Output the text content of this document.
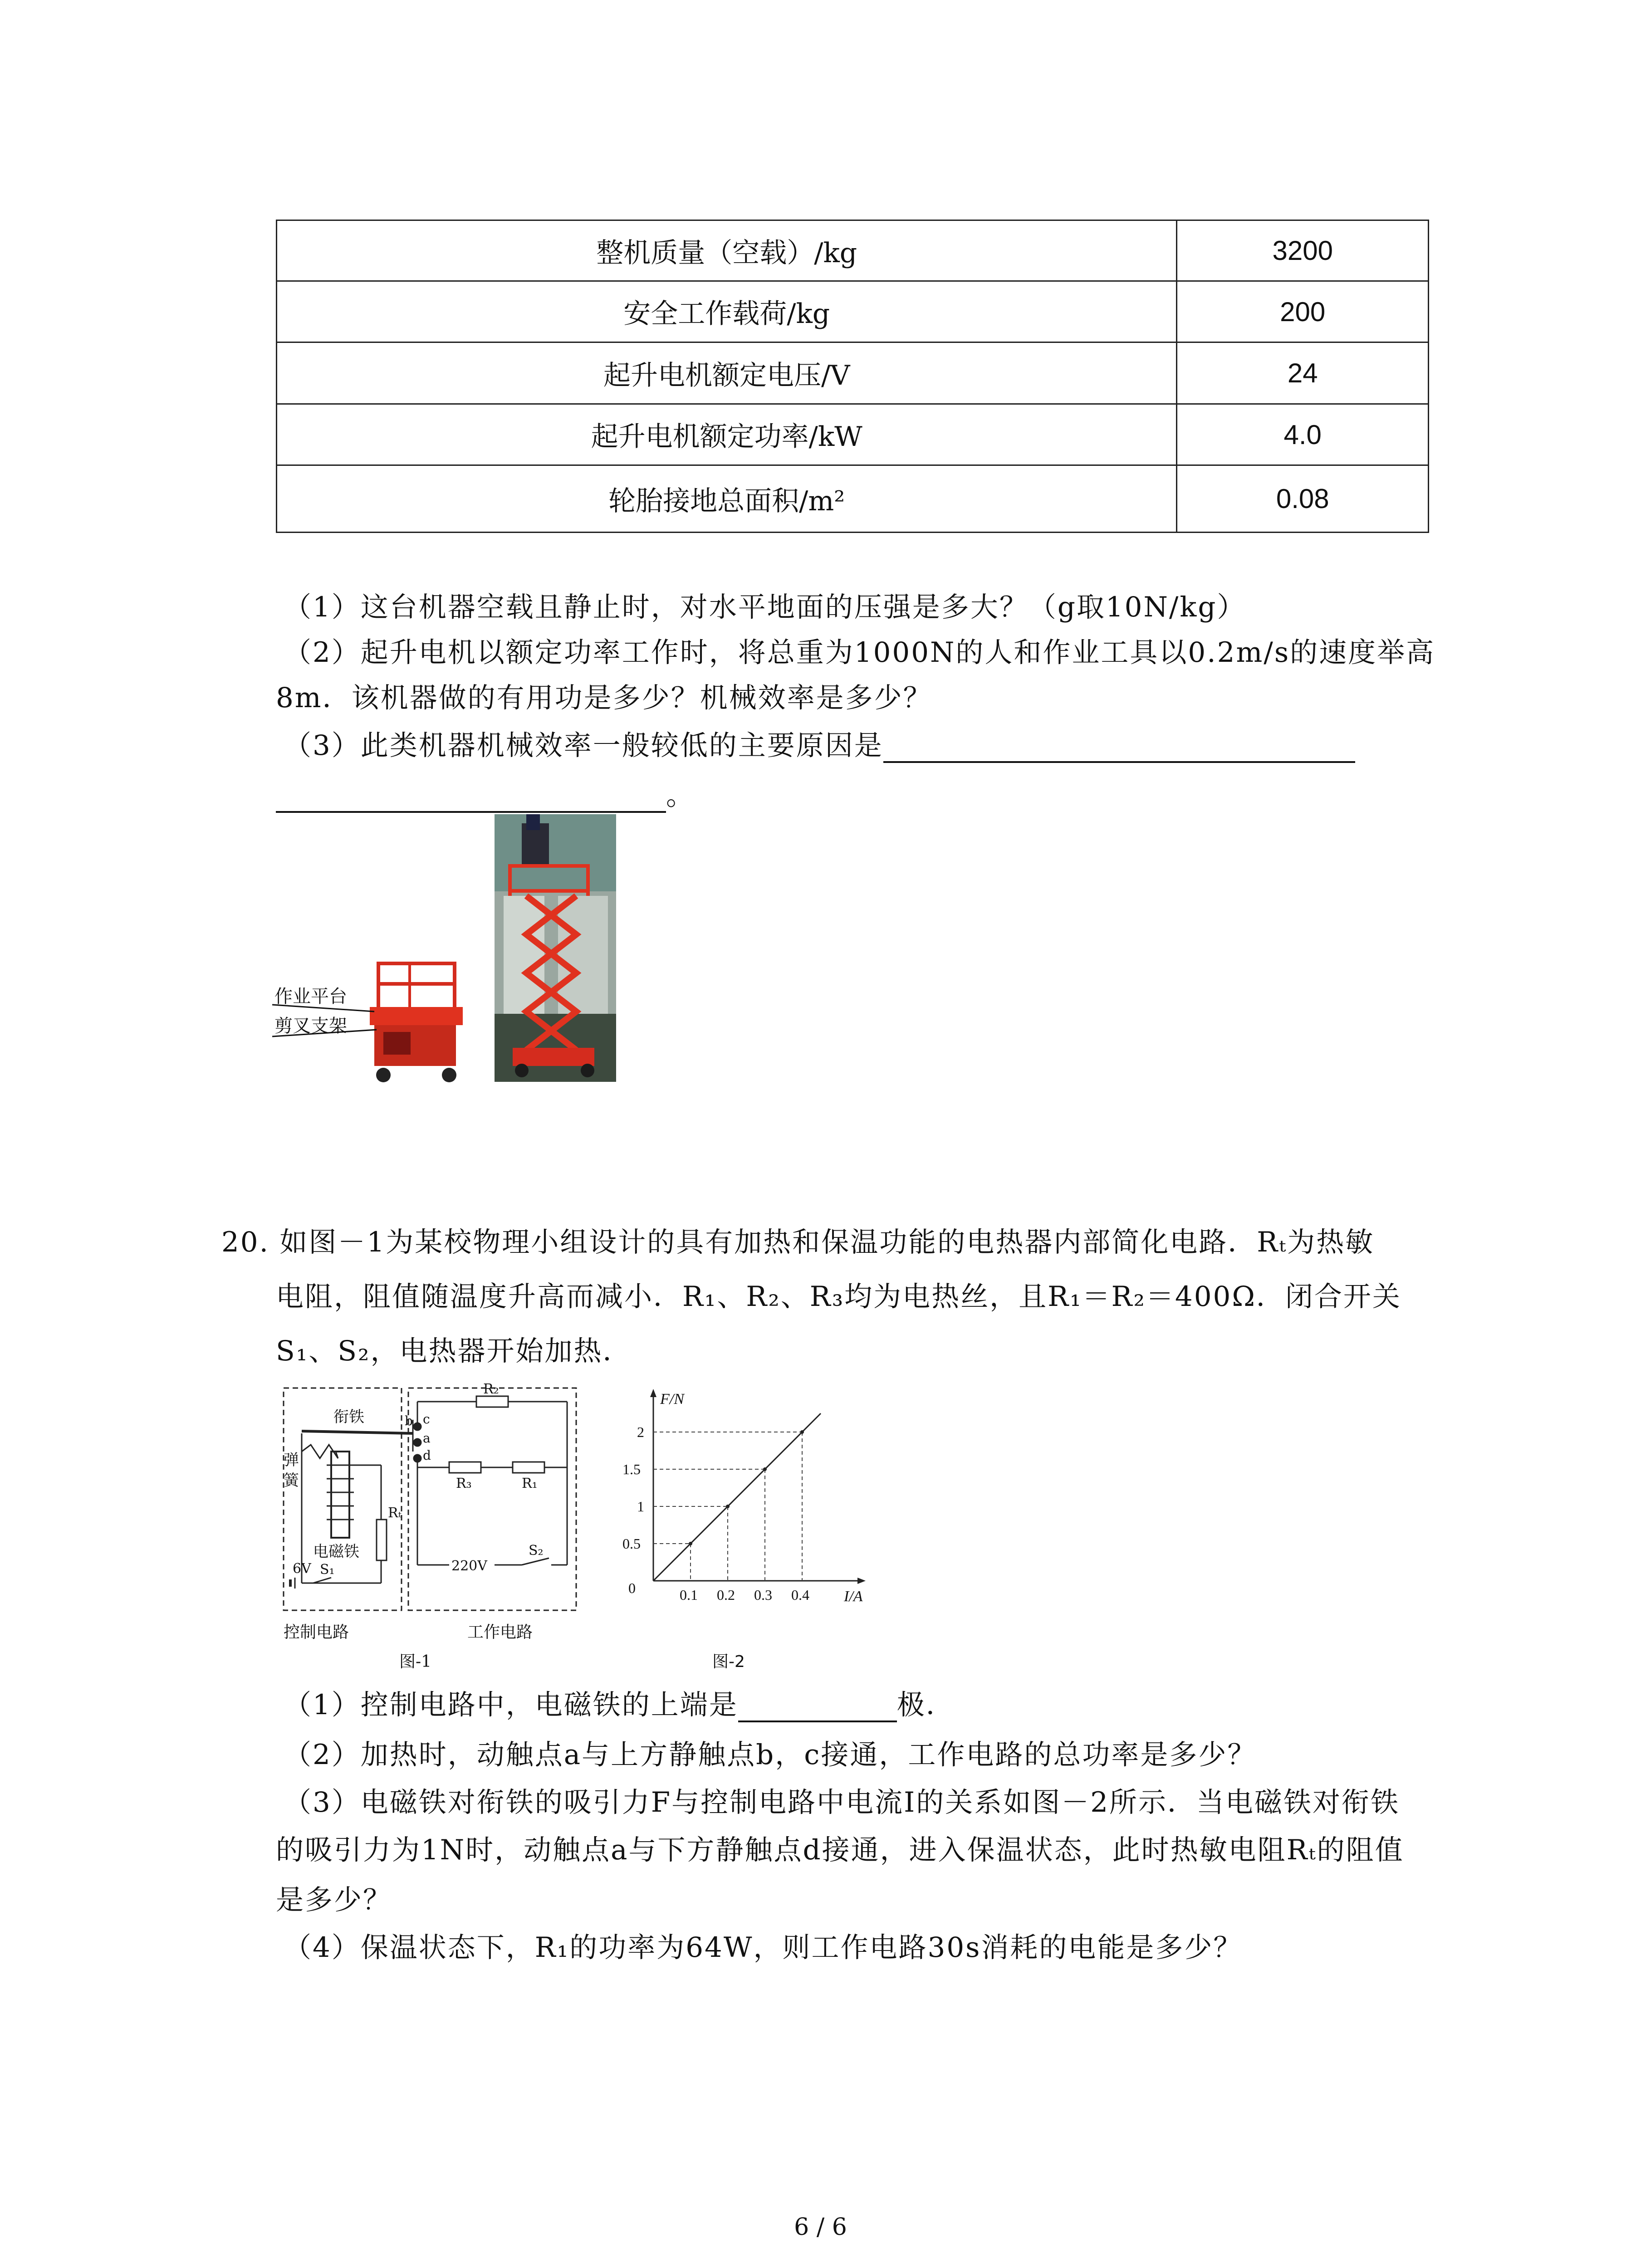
整机质量（空载）/kg	3200
安全工作载荷/kg	200
起升电机额定电压/V	24
起升电机额定功率/kW	4.0
轮胎接地总面积/m²	0.08
（1）这台机器空载且静止时，对水平地面的压强是多大？（g取10N/kg）
（2）起升电机以额定功率工作时，将总重为1000N的人和作业工具以0.2m/s的速度举高
8m．该机器做的有用功是多少？机械效率是多少？
（3）此类机器机械效率一般较低的主要原因是
。
作业平台
剪叉支架
20. 如图－1为某校物理小组设计的具有加热和保温功能的电热器内部简化电路．Rₜ为热敏
电阻，阻值随温度升高而减小．R₁、R₂、R₃均为电热丝，且R₁＝R₂＝400Ω．闭合开关
S₁、S₂，电热器开始加热．
衔铁
弹
簧
电磁铁
R₂
R₃	R₁
Rₜ
b c
a
d
220V
S₂
6V S₁
控制电路	工作电路
图-1
0.1 0.2 0.3 0.4
0.5
1
1.5
2
0
F/N
I/A
图-2
（1）控制电路中，电磁铁的上端是	极．
（2）加热时，动触点a与上方静触点b，c接通，工作电路的总功率是多少？
（3）电磁铁对衔铁的吸引力F与控制电路中电流I的关系如图－2所示．当电磁铁对衔铁
的吸引力为1N时，动触点a与下方静触点d接通，进入保温状态，此时热敏电阻Rₜ的阻值
是多少？
（4）保温状态下，R₁的功率为64W，则工作电路30s消耗的电能是多少？
6 / 6
